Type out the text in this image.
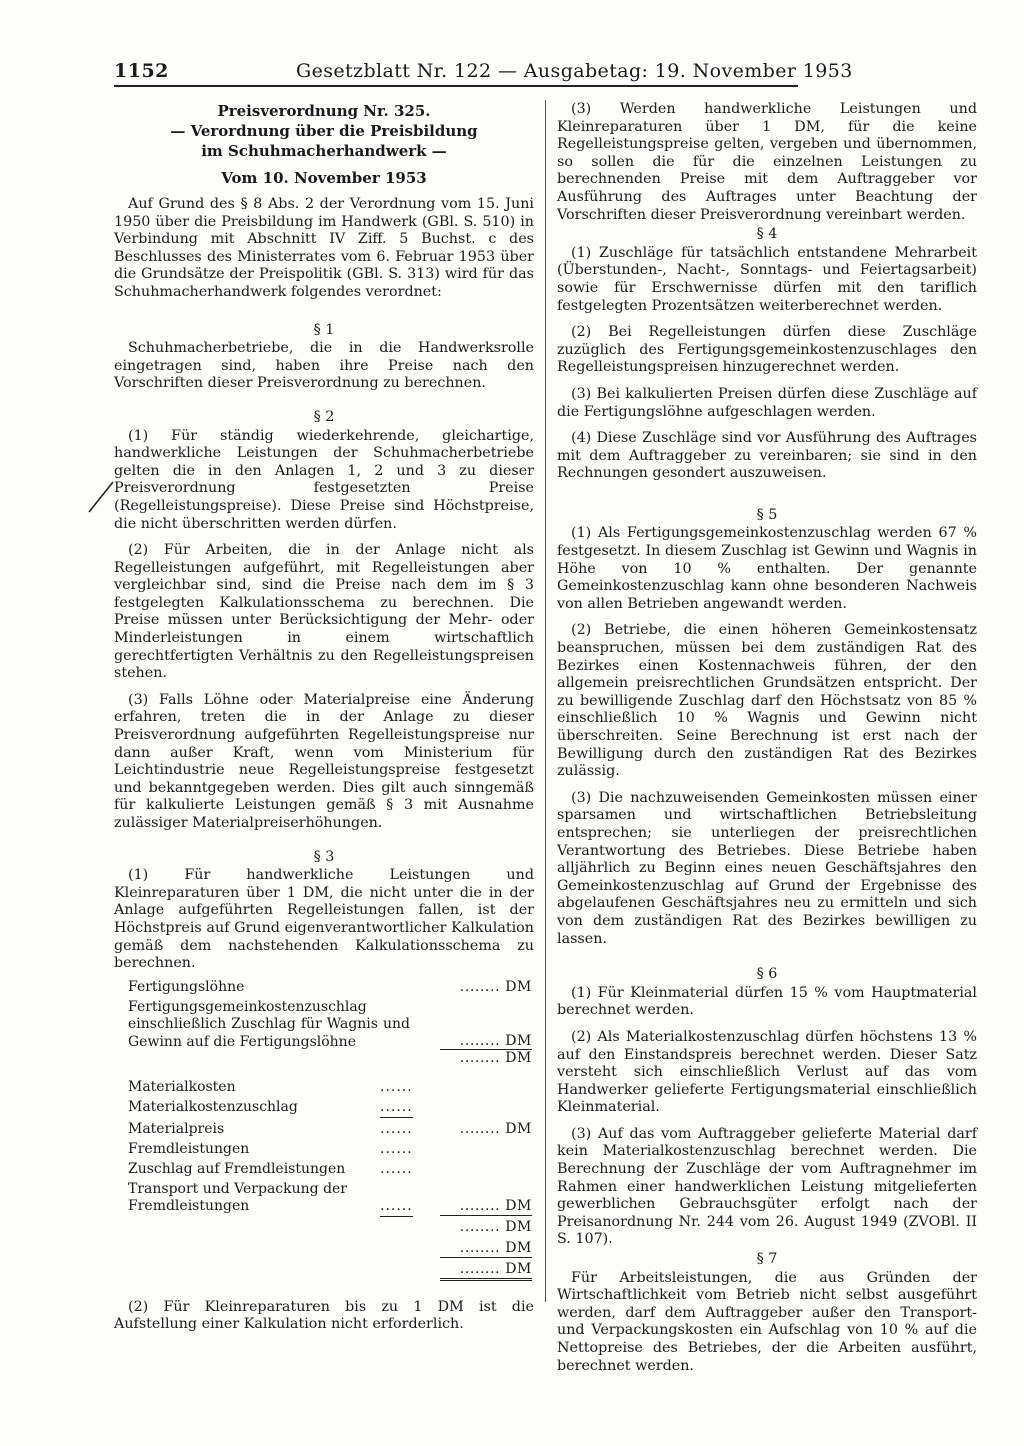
1152	Gesetzblatt Nr. 122 — Ausgabetag: 19. November 1953
Preisverordnung Nr. 325.
— Verordnung über die Preisbildung
im Schuhmacherhandwerk —
Vom 10. November 1953

Auf Grund des § 8 Abs. 2 der Verordnung vom 15. Juni 1950 über die Preisbildung im Handwerk (GBl. S. 510) in Verbindung mit Abschnitt IV Ziff. 5 Buchst. c des Beschlusses des Ministerrates vom 6. Februar 1953 über die Grundsätze der Preispolitik (GBl. S. 313) wird für das Schuhmacherhandwerk folgendes verordnet:

§ 1

Schuhmacherbetriebe, die in die Handwerksrolle eingetragen sind, haben ihre Preise nach den Vorschriften dieser Preisverordnung zu berechnen.

§ 2

(1) Für ständig wiederkehrende, gleichartige, handwerkliche Leistungen der Schuhmacherbetriebe gelten die in den Anlagen 1, 2 und 3 zu dieser Preisverordnung festgesetzten Preise (Regelleistungspreise). Diese Preise sind Höchstpreise, die nicht überschritten werden dürfen.

(2) Für Arbeiten, die in der Anlage nicht als Regelleistungen aufgeführt, mit Regelleistungen aber vergleichbar sind, sind die Preise nach dem im § 3 festgelegten Kalkulationsschema zu berechnen. Die Preise müssen unter Berücksichtigung der Mehr- oder Minderleistungen in einem wirtschaftlich gerechtfertigten Verhältnis zu den Regelleistungspreisen stehen.

(3) Falls Löhne oder Materialpreise eine Änderung erfahren, treten die in der Anlage zu dieser Preisverordnung aufgeführten Regelleistungspreise nur dann außer Kraft, wenn vom Ministerium für Leichtindustrie neue Regelleistungspreise festgesetzt und bekanntgegeben werden. Dies gilt auch sinngemäß für kalkulierte Leistungen gemäß § 3 mit Ausnahme zulässiger Materialpreiserhöhungen.

§ 3

(1) Für handwerkliche Leistungen und Kleinreparaturen über 1 DM, die nicht unter die in der Anlage aufgeführten Regelleistungen fallen, ist der Höchstpreis auf Grund eigenverantwortlicher Kalkulation gemäß dem nachstehenden Kalkulationsschema zu berechnen.

Fertigungslöhne	........ DM
Fertigungsgemeinkostenzuschlag einschließlich Zuschlag für Wagnis und Gewinn auf die Fertigungslöhne	........ DM
........ DM
Materialkosten	......
Materialkostenzuschlag	......
Materialpreis	......	........ DM
Fremdleistungen	......
Zuschlag auf Fremdleistungen	......
Transport und Verpackung der Fremdleistungen	......	........ DM
........ DM
........ DM
........ DM

(2) Für Kleinreparaturen bis zu 1 DM ist die Aufstellung einer Kalkulation nicht erforderlich.

(3) Werden handwerkliche Leistungen und Kleinreparaturen über 1 DM, für die keine Regelleistungspreise gelten, vergeben und übernommen, so sollen die für die einzelnen Leistungen zu berechnenden Preise mit dem Auftraggeber vor Ausführung des Auftrages unter Beachtung der Vorschriften dieser Preisverordnung vereinbart werden.

§ 4

(1) Zuschläge für tatsächlich entstandene Mehrarbeit (Überstunden-, Nacht-, Sonntags- und Feiertagsarbeit) sowie für Erschwernisse dürfen mit den tariflich festgelegten Prozentsätzen weiterberechnet werden.

(2) Bei Regelleistungen dürfen diese Zuschläge zuzüglich des Fertigungsgemeinkostenzuschlages den Regelleistungspreisen hinzugerechnet werden.

(3) Bei kalkulierten Preisen dürfen diese Zuschläge auf die Fertigungslöhne aufgeschlagen werden.

(4) Diese Zuschläge sind vor Ausführung des Auftrages mit dem Auftraggeber zu vereinbaren; sie sind in den Rechnungen gesondert auszuweisen.

§ 5

(1) Als Fertigungsgemeinkostenzuschlag werden 67 % festgesetzt. In diesem Zuschlag ist Gewinn und Wagnis in Höhe von 10 % enthalten. Der genannte Gemeinkostenzuschlag kann ohne besonderen Nachweis von allen Betrieben angewandt werden.

(2) Betriebe, die einen höheren Gemeinkostensatz beanspruchen, müssen bei dem zuständigen Rat des Bezirkes einen Kostennachweis führen, der den allgemein preisrechtlichen Grundsätzen entspricht. Der zu bewilligende Zuschlag darf den Höchstsatz von 85 % einschließlich 10 % Wagnis und Gewinn nicht überschreiten. Seine Berechnung ist erst nach der Bewilligung durch den zuständigen Rat des Bezirkes zulässig.

(3) Die nachzuweisenden Gemeinkosten müssen einer sparsamen und wirtschaftlichen Betriebsleitung entsprechen; sie unterliegen der preisrechtlichen Verantwortung des Betriebes. Diese Betriebe haben alljährlich zu Beginn eines neuen Geschäftsjahres den Gemeinkostenzuschlag auf Grund der Ergebnisse des abgelaufenen Geschäftsjahres neu zu ermitteln und sich von dem zuständigen Rat des Bezirkes bewilligen zu lassen.

§ 6

(1) Für Kleinmaterial dürfen 15 % vom Hauptmaterial berechnet werden.

(2) Als Materialkostenzuschlag dürfen höchstens 13 % auf den Einstandspreis berechnet werden. Dieser Satz versteht sich einschließlich Verlust auf das vom Handwerker gelieferte Fertigungsmaterial einschließlich Kleinmaterial.

(3) Auf das vom Auftraggeber gelieferte Material darf kein Materialkostenzuschlag berechnet werden. Die Berechnung der Zuschläge der vom Auftragnehmer im Rahmen einer handwerklichen Leistung mitgelieferten gewerblichen Gebrauchsgüter erfolgt nach der Preisanordnung Nr. 244 vom 26. August 1949 (ZVOBl. II S. 107).

§ 7

Für Arbeitsleistungen, die aus Gründen der Wirtschaftlichkeit vom Betrieb nicht selbst ausgeführt werden, darf dem Auftraggeber außer den Transport- und Verpackungskosten ein Aufschlag von 10 % auf die Nettopreise des Betriebes, der die Arbeiten ausführt, berechnet werden.
